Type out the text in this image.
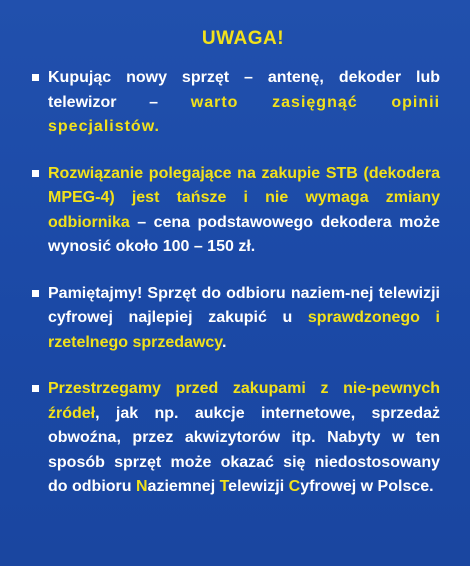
UWAGA!
Kupując nowy sprzęt – antenę, dekoder lub telewizor – warto zasięgnąć opinii specjalistów.
Rozwiązanie polegające na zakupie STB (dekodera MPEG-4) jest tańsze i nie wymaga zmiany odbiornika – cena podstawowego dekodera może wynosić około 100 – 150 zł.
Pamiętajmy! Sprzęt do odbioru naziem-nej telewizji cyfrowej najlepiej zakupić u sprawdzonego i rzetelnego sprzedawcy.
Przestrzegamy przed zakupami z nie-pewnych źródeł, jak np. aukcje internetowe, sprzedaż obwoźna, przez akwizytorów itp. Nabyty w ten sposób sprzęt może okazać się niedostosowany do odbioru Naziemnej Telewizji Cyfrowej w Polsce.
